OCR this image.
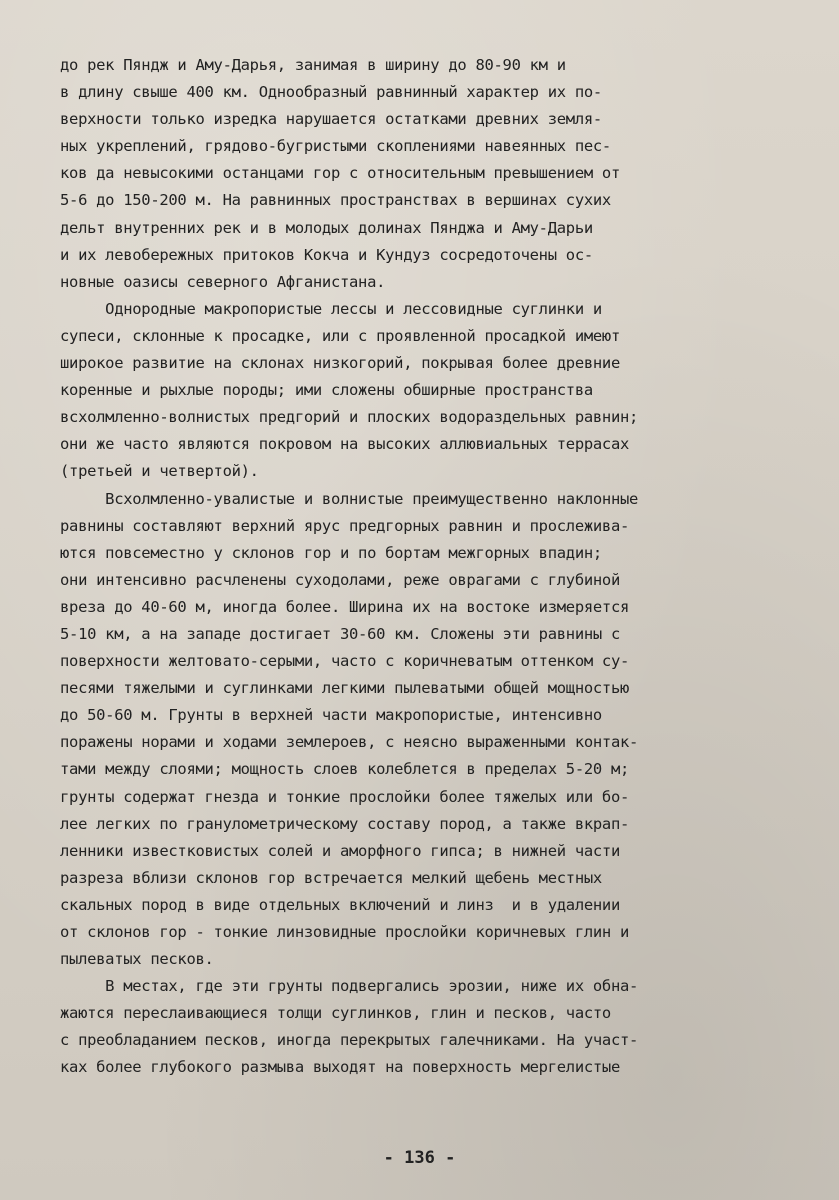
до рек Пяндж и Аму-Дарья, занимая в ширину до 80-90 км и
в длину свыше 400 км. Однообразный равнинный характер их по-
верхности только изредка нарушается остатками древних земля-
ных укреплений, грядово-бугристыми скоплениями навеянных пес-
ков да невысокими останцами гор с относительным превышением от
5-6 до 150-200 м. На равнинных пространствах в вершинах сухих
дельт внутренних рек и в молодых долинах Пянджа и Аму-Дарьи
и их левобережных притоков Кокча и Кундуз сосредоточены ос-
новные оазисы северного Афганистана.
Однородные макропористые лессы и лессовидные суглинки и
супеси, склонные к просадке, или с проявленной просадкой имеют
широкое развитие на склонах низкогорий, покрывая более древние
коренные и рыхлые породы; ими сложены обширные пространства
всхолмленно-волнистых предгорий и плоских водораздельных равнин;
они же часто являются покровом на высоких аллювиальных террасах
(третьей и четвертой).
Всхолмленно-увалистые и волнистые преимущественно наклонные
равнины составляют верхний ярус предгорных равнин и прослежива-
ются повсеместно у склонов гор и по бортам межгорных впадин;
они интенсивно расчленены суходолами, реже оврагами с глубиной
вреза до 40-60 м, иногда более. Ширина их на востоке измеряется
5-10 км, а на западе достигает 30-60 км. Сложены эти равнины с
поверхности желтовато-серыми, часто с коричневатым оттенком су-
песями тяжелыми и суглинками легкими пылеватыми общей мощностью
до 50-60 м. Грунты в верхней части макропористые, интенсивно
поражены норами и ходами землероев, с неясно выраженными контак-
тами между слоями; мощность слоев колеблется в пределах 5-20 м;
грунты содержат гнезда и тонкие прослойки более тяжелых или бо-
лее легких по гранулометрическому составу пород, а также вкрап-
ленники известковистых солей и аморфного гипса; в нижней части
разреза вблизи склонов гор встречается мелкий щебень местных
скальных пород в виде отдельных включений и линз  и в удалении
от склонов гор - тонкие линзовидные прослойки коричневых глин и
пылеватых песков.
В местах, где эти грунты подвергались эрозии, ниже их обна-
жаются переслаивающиеся толщи суглинков, глин и песков, часто
с преобладанием песков, иногда перекрытых галечниками. На участ-
ках более глубокого размыва выходят на поверхность мергелистые
- 136 -
